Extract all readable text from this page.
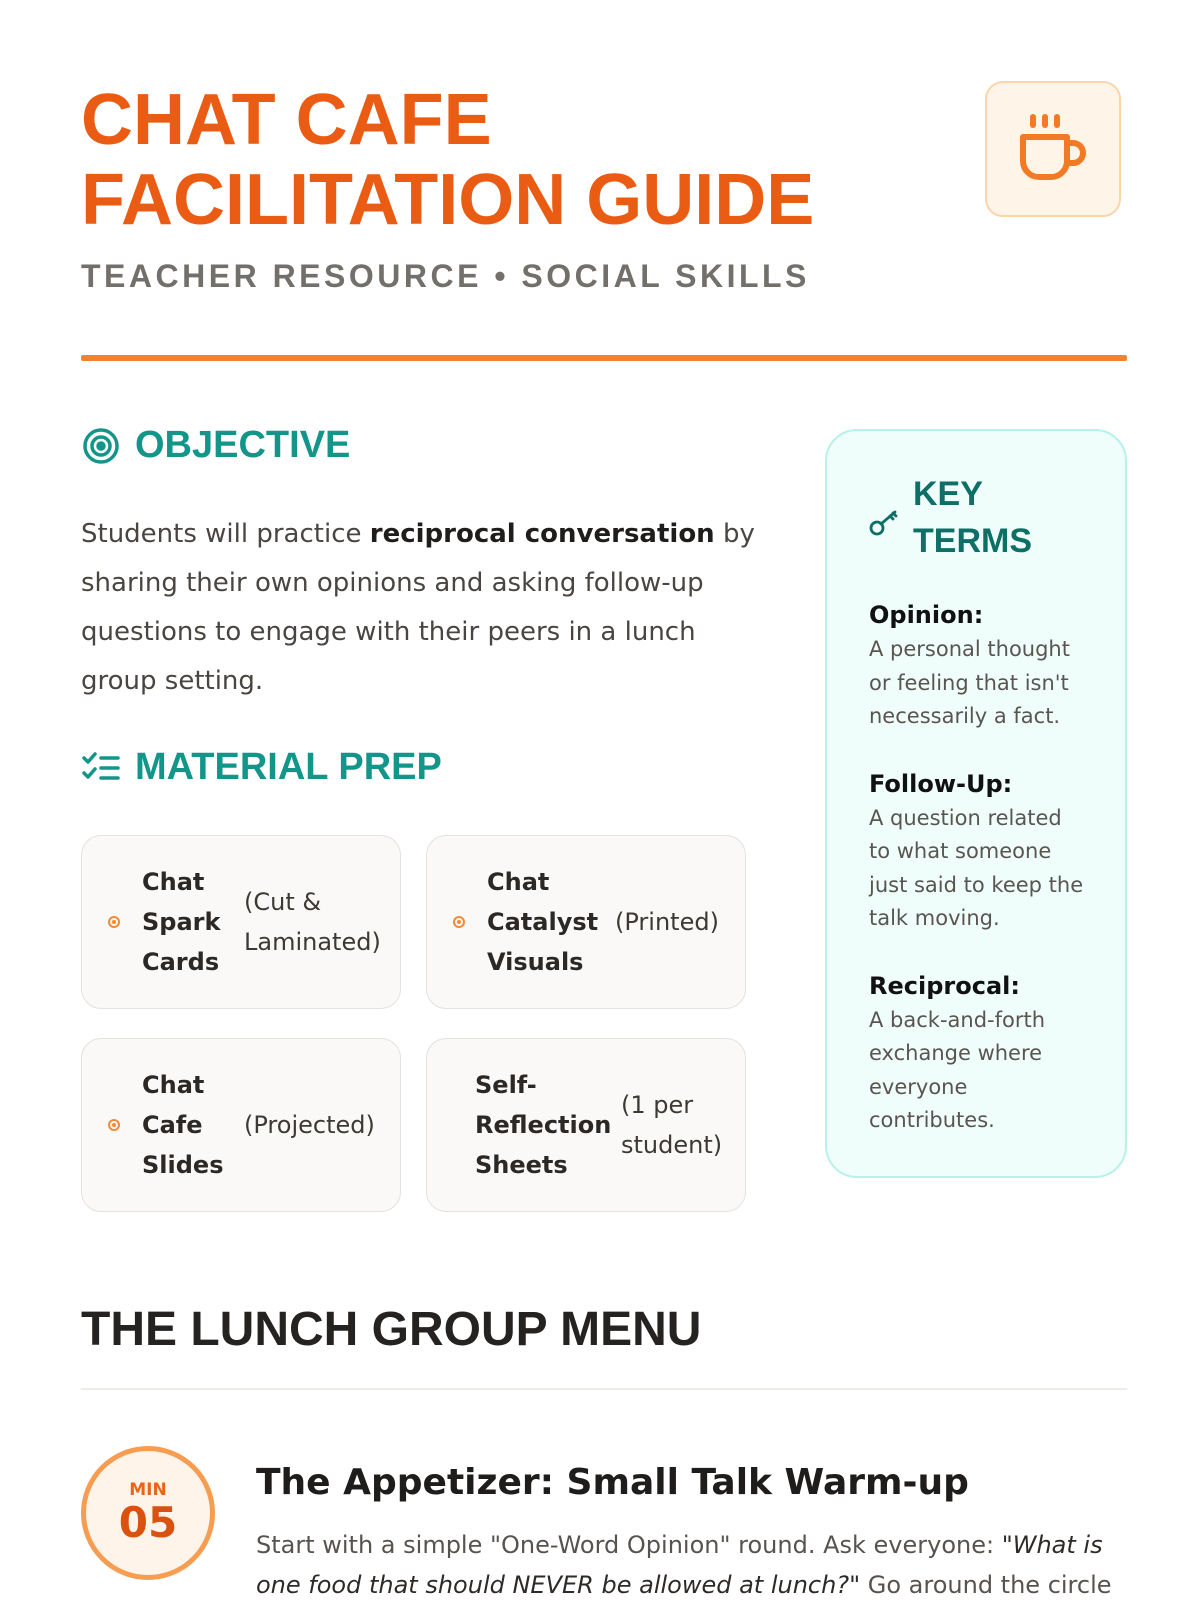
CHAT CAFE
FACILITATION GUIDE

TEACHER RESOURCE • SOCIAL SKILLS

OBJECTIVE

Students will practice reciprocal conversation by sharing their own opinions and asking follow-up questions to engage with their peers in a lunch group setting.

MATERIAL PREP
Chat Spark Cards
(Cut & Laminated)
Chat Catalyst Visuals
(Printed)
Chat Cafe Slides
(Projected)
Self-Reflection Sheets
(1 per student)
KEY TERMS
Opinion:
A personal thought or feeling that isn't necessarily a fact.
Follow-Up:
A question related to what someone just said to keep the talk moving.
Reciprocal:
A back-and-forth exchange where everyone contributes.
THE LUNCH GROUP MENU
MIN
05
The Appetizer: Small Talk Warm-up

Start with a simple "One-Word Opinion" round. Ask everyone: "What is one food that should NEVER be allowed at lunch?" Go around the circle
